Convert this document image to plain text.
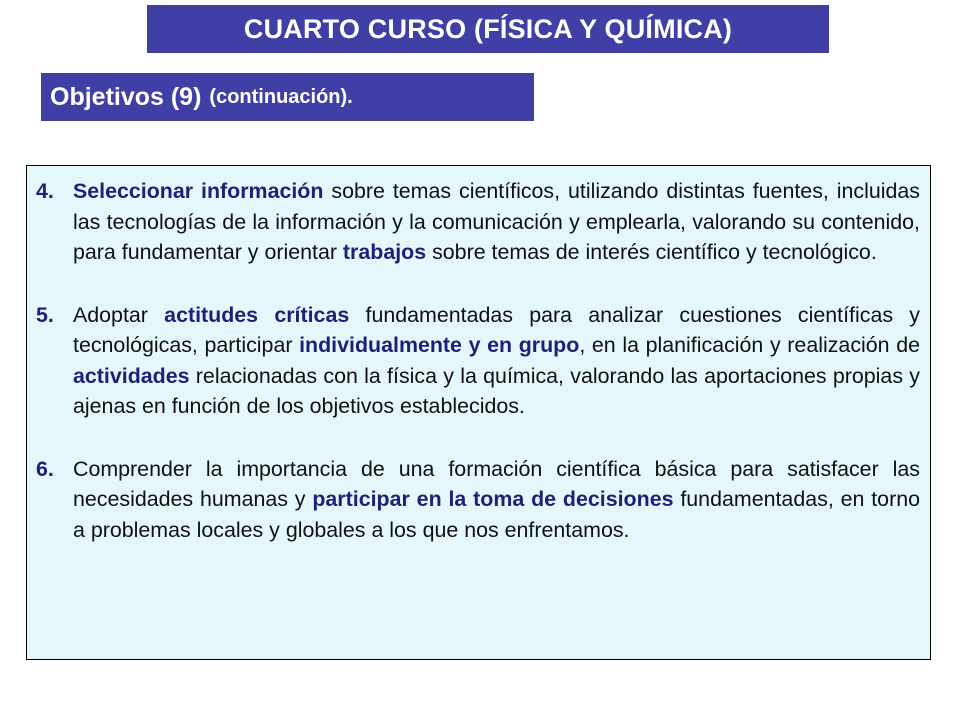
CUARTO CURSO (FÍSICA Y QUÍMICA)
Objetivos (9) (continuación).

4. Seleccionar información sobre temas científicos, utilizando distintas fuentes, incluidas las tecnologías de la información y la comunicación y emplearla, valorando su contenido, para fundamentar y orientar trabajos sobre temas de interés científico y tecnológico.

5. Adoptar actitudes críticas fundamentadas para analizar cuestiones científicas y tecnológicas, participar individualmente y en grupo, en la planificación y realización de actividades relacionadas con la física y la química, valorando las aportaciones propias y ajenas en función de los objetivos establecidos.

6. Comprender la importancia de una formación científica básica para satisfacer las necesidades humanas y participar en la toma de decisiones fundamentadas, en torno a problemas locales y globales a los que nos enfrentamos.
